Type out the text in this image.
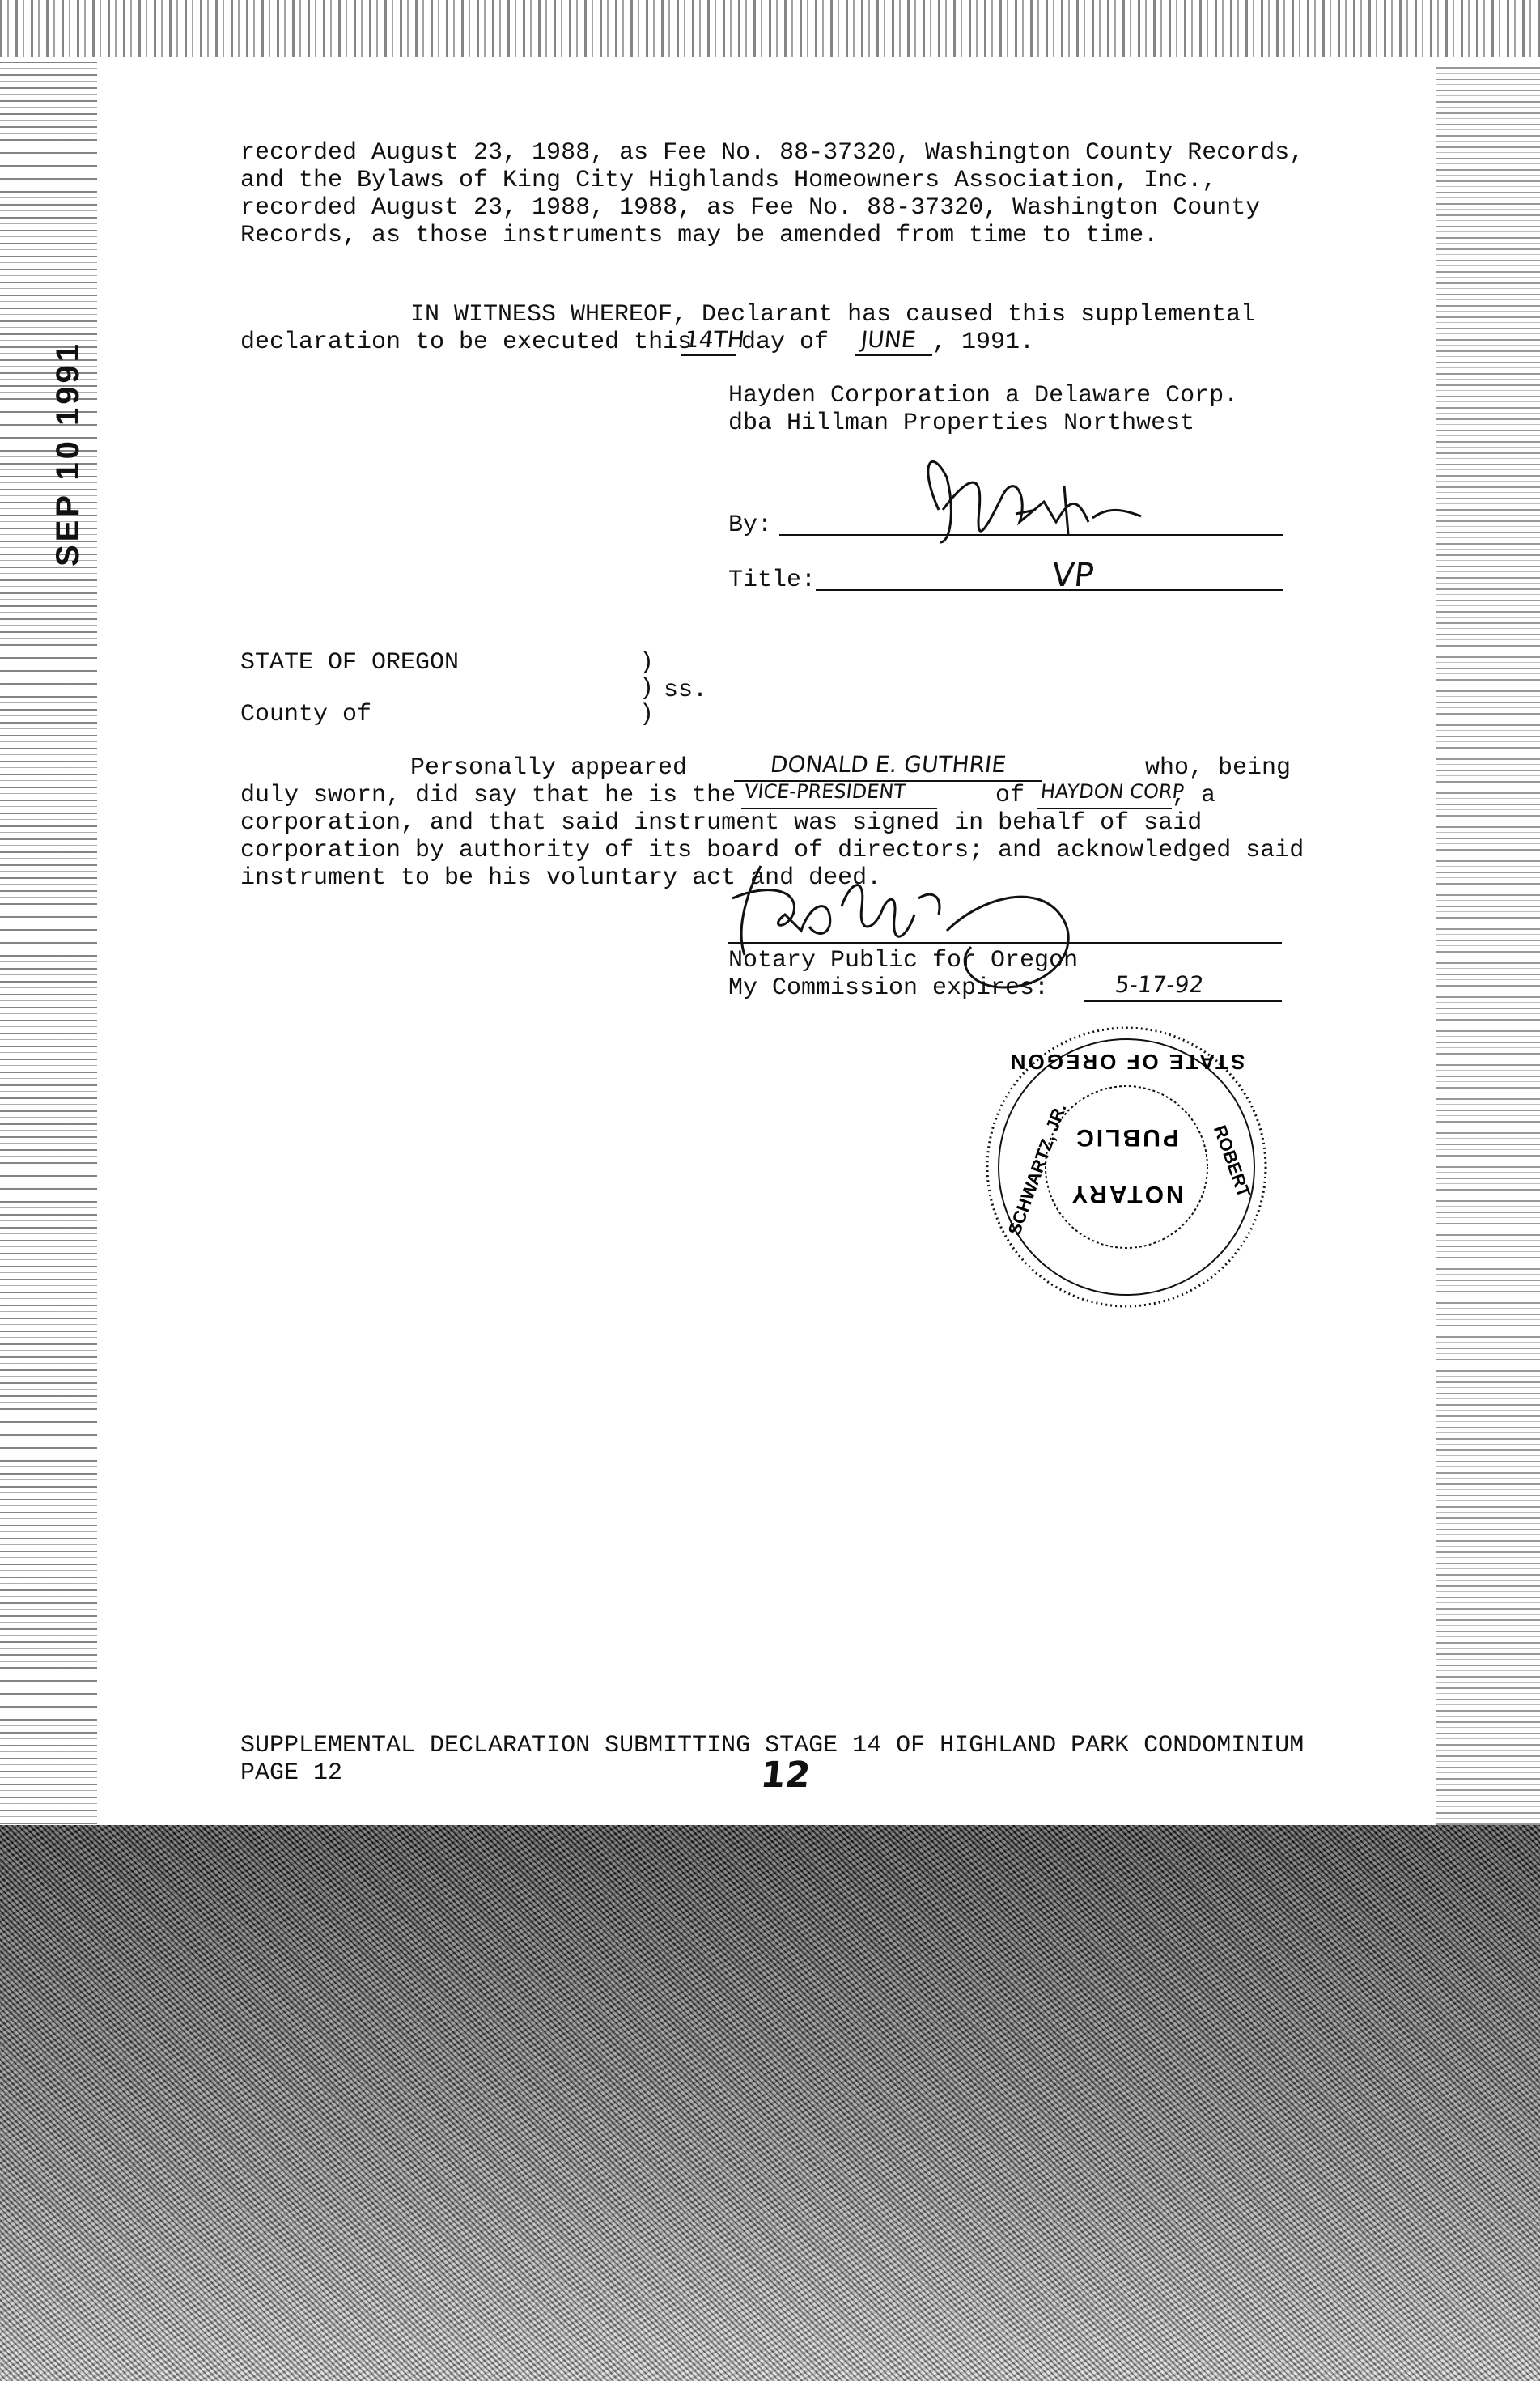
SEP 10 1991
recorded August 23, 1988, as Fee No. 88-37320, Washington County Records,
and the Bylaws of King City Highlands Homeowners Association, Inc.,
recorded August 23, 1988, 1988, as Fee No. 88-37320, Washington County
Records, as those instruments may be amended from time to time.
IN WITNESS WHEREOF, Declarant has caused this supplemental
declaration to be executed this
14TH
day of JUNE , 1991.
Hayden Corporation a Delaware Corp.
dba Hillman Properties Northwest
By:
Title:	VP
STATE OF OREGON	)
) ss.
County of	)
Personally appeared	DONALD E. GUTHRIE	who, being
duly sworn, did say that he is the VICE-PRESIDENT	of HAYDON CORP
, a
corporation, and that said instrument was signed in behalf of said
corporation by authority of its board of directors; and acknowledged said
instrument to be his voluntary act and deed.
Notary Public for Oregon
My Commission expires:	5-17-92
STATE OF OREGON
SCHWARTZ, JR.	ROBERT
PUBLIC
NOTARY
SUPPLEMENTAL DECLARATION SUBMITTING STAGE 14 OF HIGHLAND PARK CONDOMINIUM
PAGE 12	12
